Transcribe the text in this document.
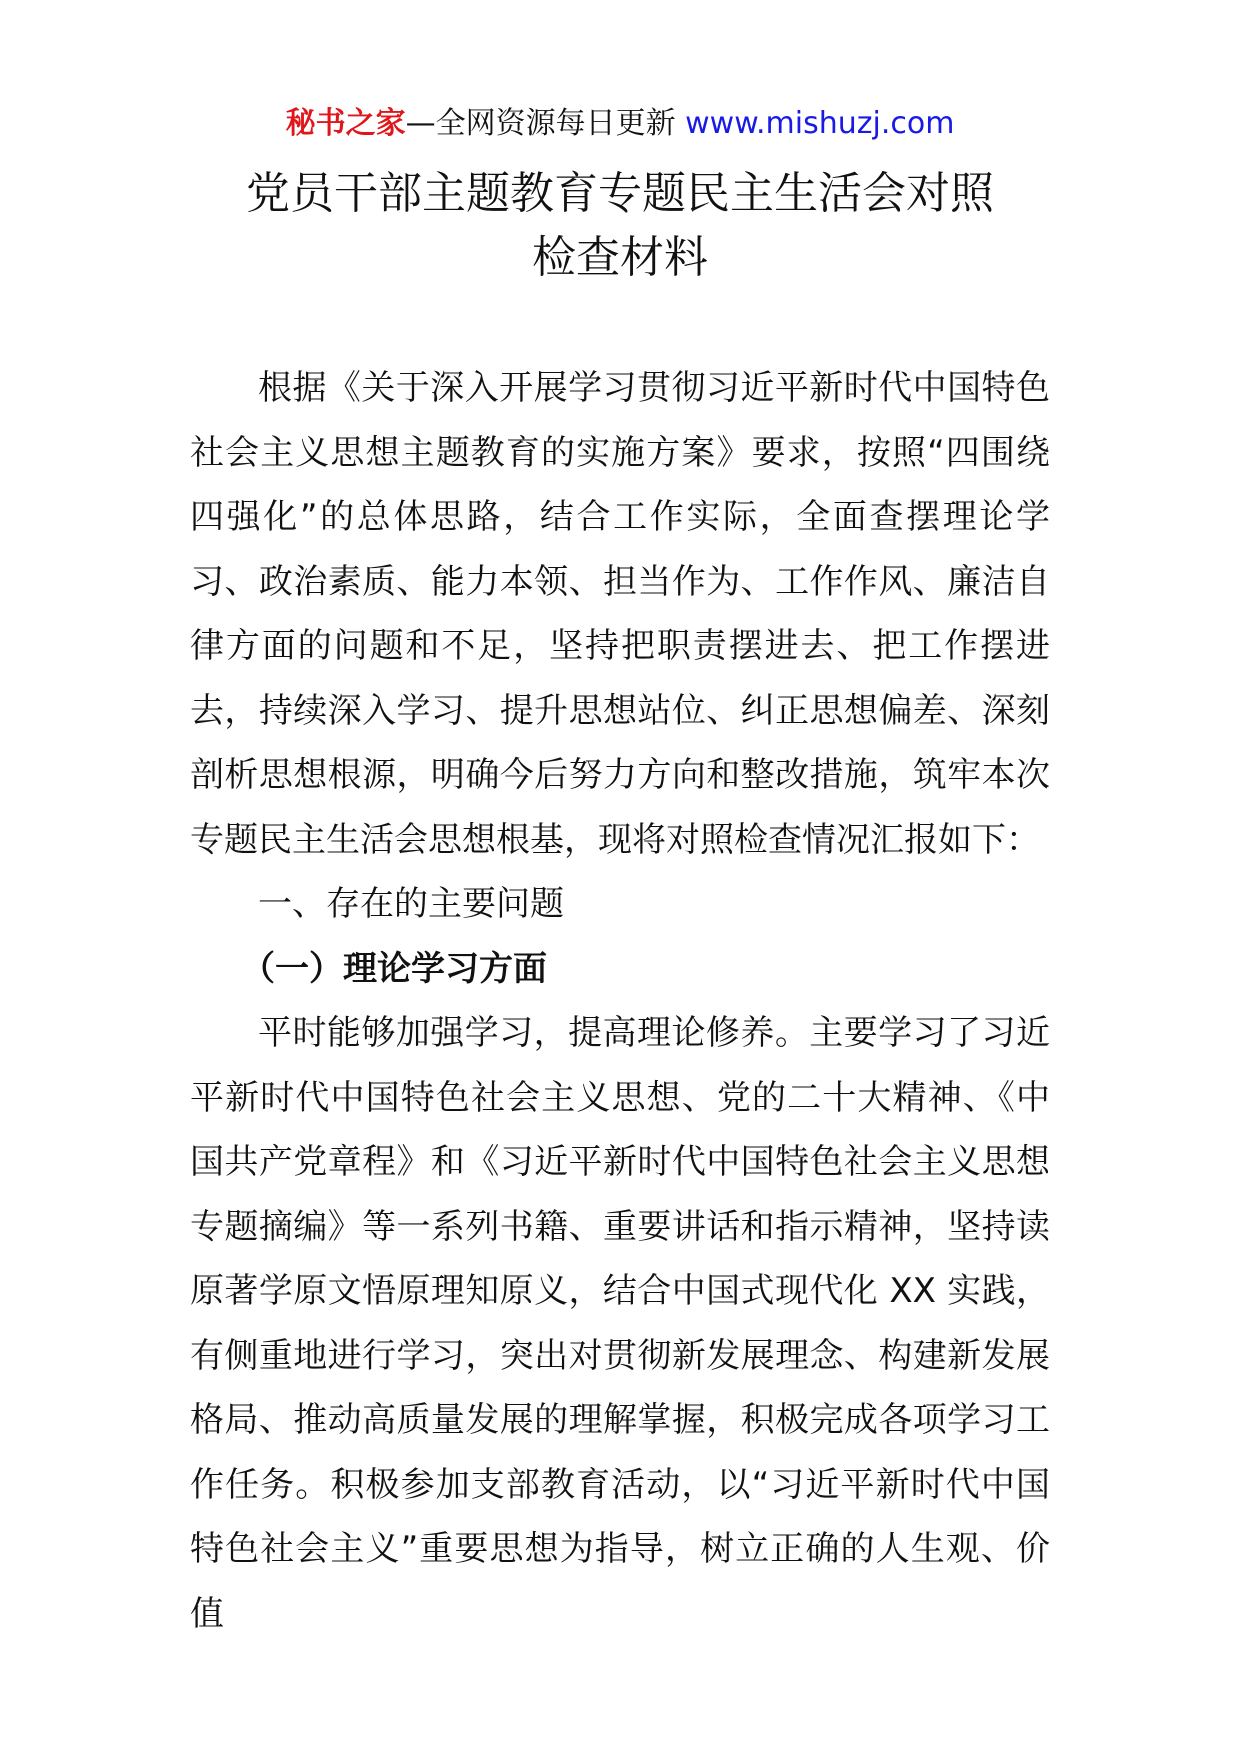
秘书之家—全网资源每日更新 www.mishuzj.com
党员干部主题教育专题民主生活会对照
检查材料

根据《关于深入开展学习贯彻习近平新时代中国特色社会主义思想主题教育的实施方案》要求，按照“四围绕四强化”的总体思路，结合工作实际，全面查摆理论学习、政治素质、能力本领、担当作为、工作作风、廉洁自律方面的问题和不足，坚持把职责摆进去、把工作摆进去，持续深入学习、提升思想站位、纠正思想偏差、深刻剖析思想根源，明确今后努力方向和整改措施，筑牢本次专题民主生活会思想根基，现将对照检查情况汇报如下：

一、存在的主要问题

（一）理论学习方面

平时能够加强学习，提高理论修养。主要学习了习近平新时代中国特色社会主义思想、党的二十大精神、《中国共产党章程》和《习近平新时代中国特色社会主义思想专题摘编》等一系列书籍、重要讲话和指示精神，坚持读原著学原文悟原理知原义，结合中国式现代化 XX 实践，有侧重地进行学习，突出对贯彻新发展理念、构建新发展格局、推动高质量发展的理解掌握，积极完成各项学习工作任务。积极参加支部教育活动，以“习近平新时代中国特色社会主义”重要思想为指导，树立正确的人生观、价值
